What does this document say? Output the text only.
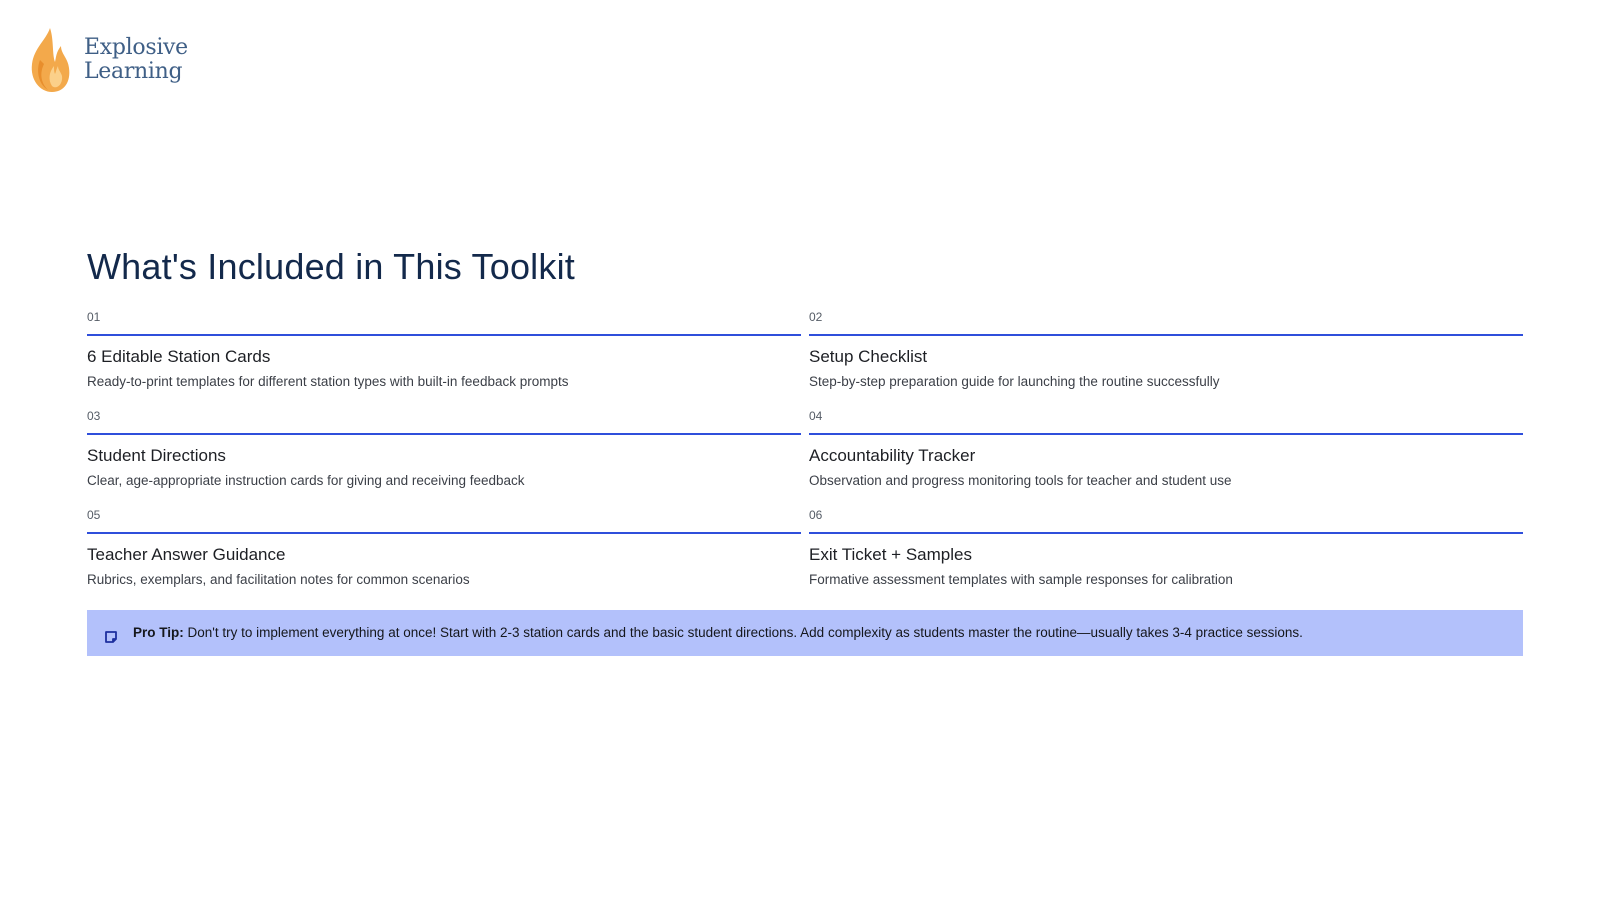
Explosive
Learning
What's Included in This Toolkit
01
6 Editable Station Cards
Ready-to-print templates for different station types with built-in feedback prompts
02
Setup Checklist
Step-by-step preparation guide for launching the routine successfully
03
Student Directions
Clear, age-appropriate instruction cards for giving and receiving feedback
04
Accountability Tracker
Observation and progress monitoring tools for teacher and student use
05
Teacher Answer Guidance
Rubrics, exemplars, and facilitation notes for common scenarios
06
Exit Ticket + Samples
Formative assessment templates with sample responses for calibration
Pro Tip: Don't try to implement everything at once! Start with 2-3 station cards and the basic student directions. Add complexity as students master the routine—usually takes 3-4 practice sessions.
